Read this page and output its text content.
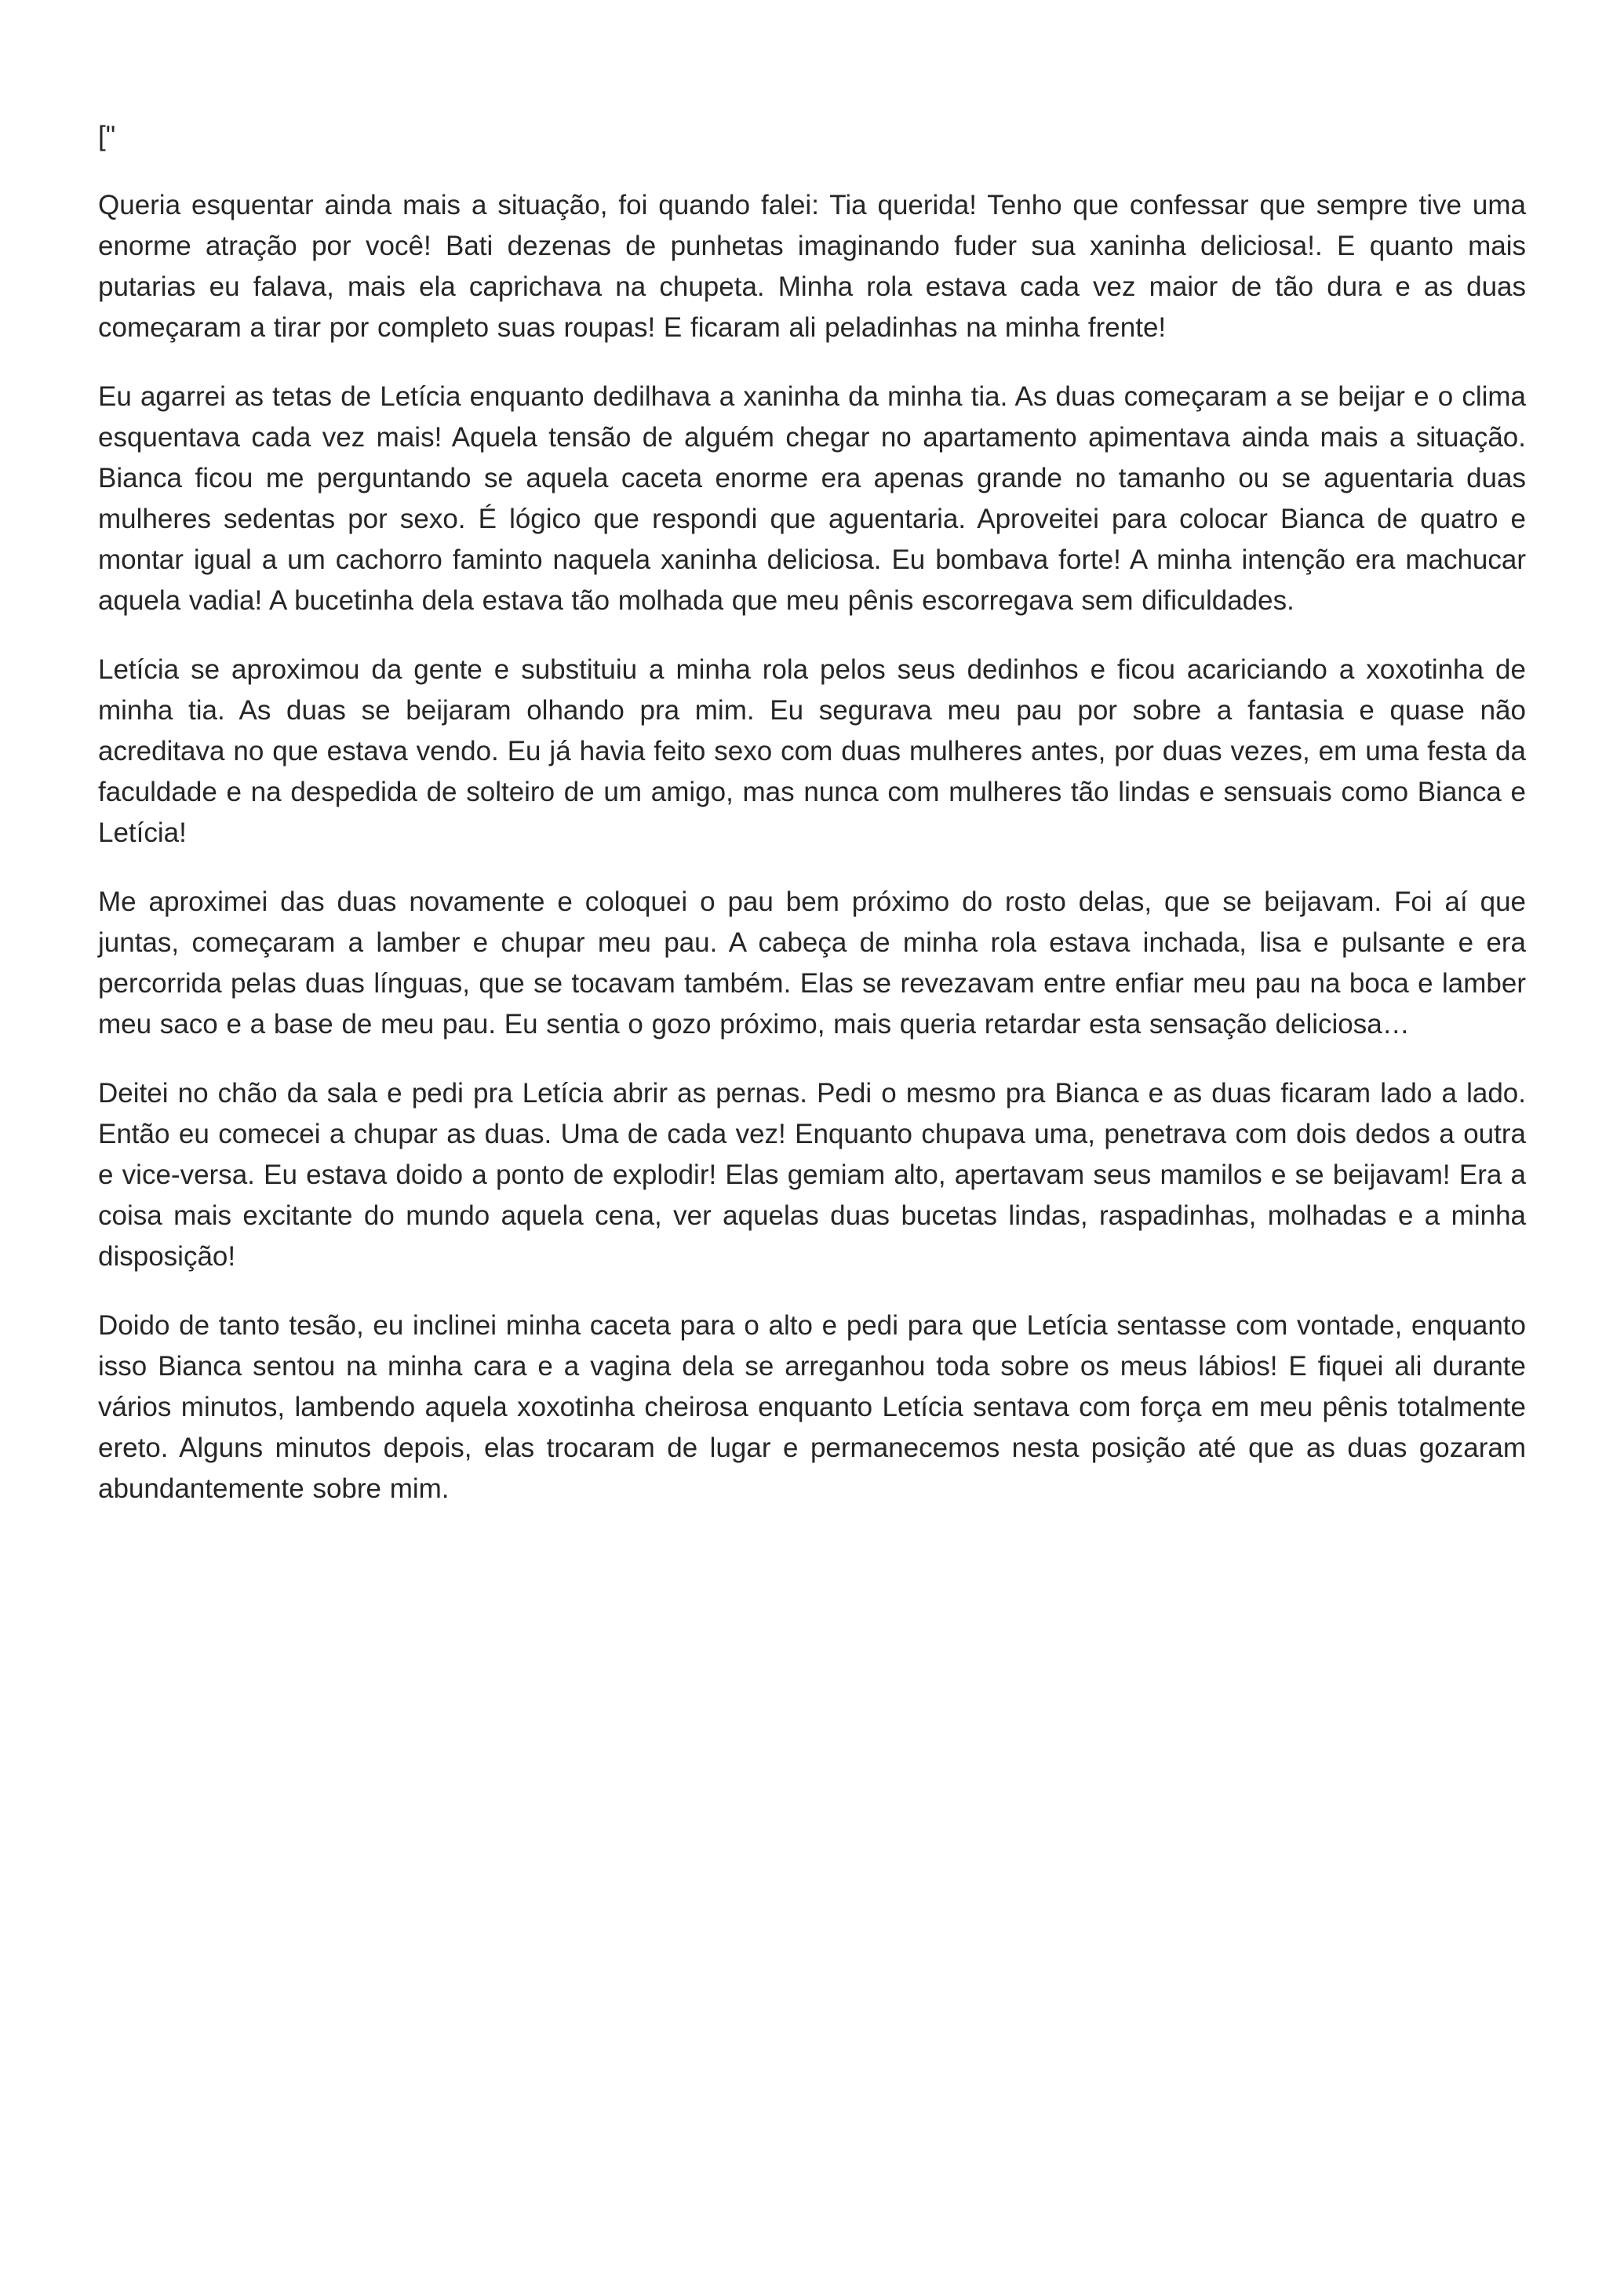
["

Queria esquentar ainda mais a situação, foi quando falei: Tia querida! Tenho que confessar que sempre tive uma enorme atração por você! Bati dezenas de punhetas imaginando fuder sua xaninha deliciosa!. E quanto mais putarias eu falava, mais ela caprichava na chupeta. Minha rola estava cada vez maior de tão dura e as duas começaram a tirar por completo suas roupas! E ficaram ali peladinhas na minha frente!

Eu agarrei as tetas de Letícia enquanto dedilhava a xaninha da minha tia. As duas começaram a se beijar e o clima esquentava cada vez mais! Aquela tensão de alguém chegar no apartamento apimentava ainda mais a situação. Bianca ficou me perguntando se aquela caceta enorme era apenas grande no tamanho ou se aguentaria duas mulheres sedentas por sexo. É lógico que respondi que aguentaria. Aproveitei para colocar Bianca de quatro e montar igual a um cachorro faminto naquela xaninha deliciosa. Eu bombava forte! A minha intenção era machucar aquela vadia! A bucetinha dela estava tão molhada que meu pênis escorregava sem dificuldades.

Letícia se aproximou da gente e substituiu a minha rola pelos seus dedinhos e ficou acariciando a xoxotinha de minha tia. As duas se beijaram olhando pra mim. Eu segurava meu pau por sobre a fantasia e quase não acreditava no que estava vendo. Eu já havia feito sexo com duas mulheres antes, por duas vezes, em uma festa da faculdade e na despedida de solteiro de um amigo, mas nunca com mulheres tão lindas e sensuais como Bianca e Letícia!

Me aproximei das duas novamente e coloquei o pau bem próximo do rosto delas, que se beijavam. Foi aí que juntas, começaram a lamber e chupar meu pau. A cabeça de minha rola estava inchada, lisa e pulsante e era percorrida pelas duas línguas, que se tocavam também. Elas se revezavam entre enfiar meu pau na boca e lamber meu saco e a base de meu pau. Eu sentia o gozo próximo, mais queria retardar esta sensação deliciosa…

Deitei no chão da sala e pedi pra Letícia abrir as pernas. Pedi o mesmo pra Bianca e as duas ficaram lado a lado. Então eu comecei a chupar as duas. Uma de cada vez! Enquanto chupava uma, penetrava com dois dedos a outra e vice-versa. Eu estava doido a ponto de explodir! Elas gemiam alto, apertavam seus mamilos e se beijavam! Era a coisa mais excitante do mundo aquela cena, ver aquelas duas bucetas lindas, raspadinhas, molhadas e a minha disposição!

Doido de tanto tesão, eu inclinei minha caceta para o alto e pedi para que Letícia sentasse com vontade, enquanto isso Bianca sentou na minha cara e a vagina dela se arreganhou toda sobre os meus lábios! E fiquei ali durante vários minutos, lambendo aquela xoxotinha cheirosa enquanto Letícia sentava com força em meu pênis totalmente ereto. Alguns minutos depois, elas trocaram de lugar e permanecemos nesta posição até que as duas gozaram abundantemente sobre mim.
